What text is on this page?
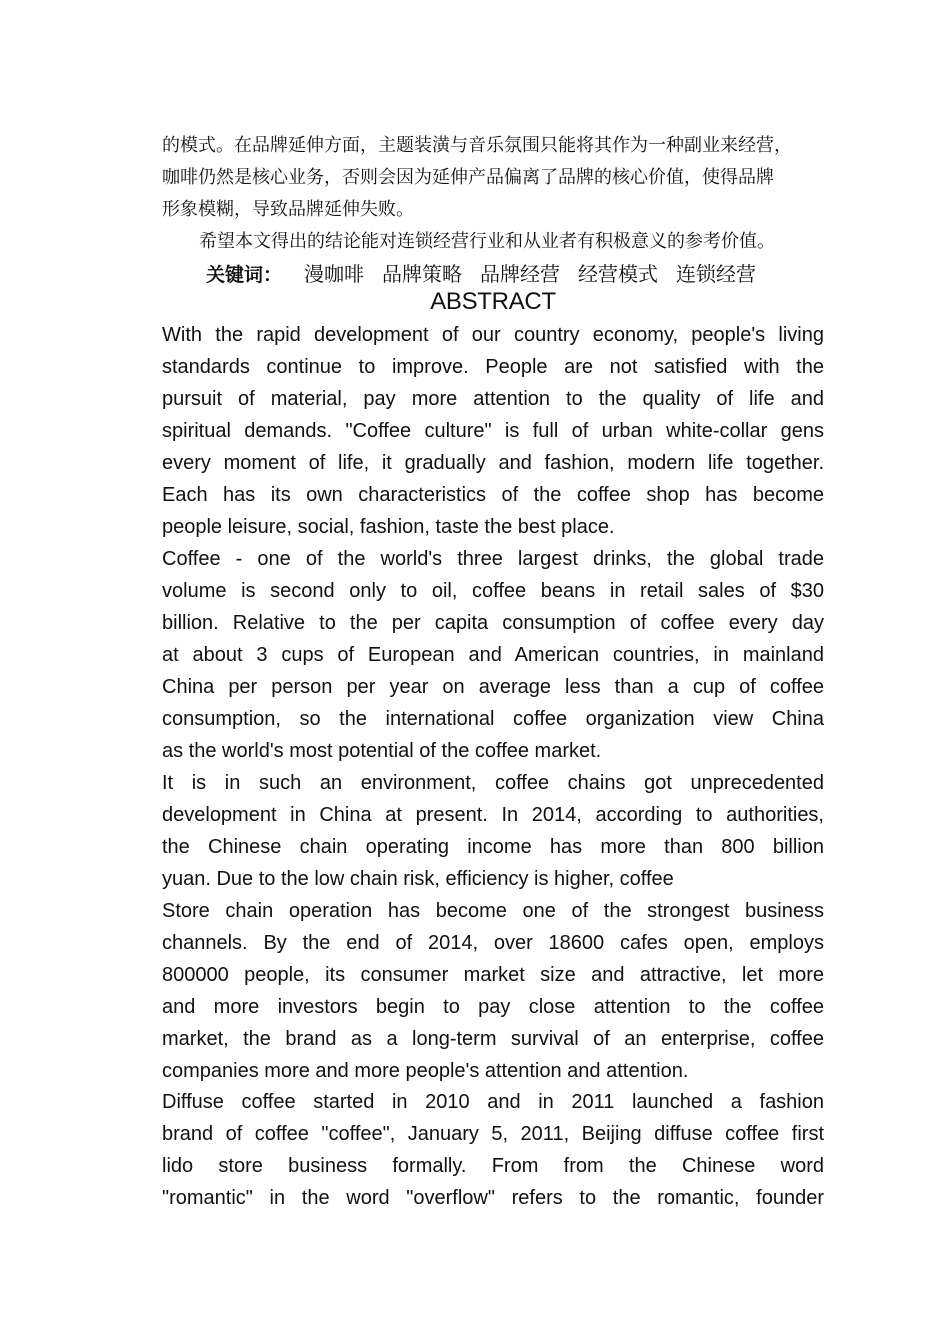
的模式。在品牌延伸方面，主题装潢与音乐氛围只能将其作为一种副业来经营，
咖啡仍然是核心业务，否则会因为延伸产品偏离了品牌的核心价值，使得品牌
形象模糊，导致品牌延伸失败。
希望本文得出的结论能对连锁经营行业和从业者有积极意义的参考价值。
关键词： 漫咖啡 品牌策略 品牌经营 经营模式 连锁经营
ABSTRACT
With the rapid development of our country economy, people's living
standards continue to improve. People are not satisfied with the
pursuit of material, pay more attention to the quality of life and
spiritual demands. "Coffee culture" is full of urban white-collar gens
every moment of life, it gradually and fashion, modern life together.
Each has its own characteristics of the coffee shop has become
people leisure, social, fashion, taste the best place.
Coffee - one of the world's three largest drinks, the global trade
volume is second only to oil, coffee beans in retail sales of $30
billion. Relative to the per capita consumption of coffee every day
at about 3 cups of European and American countries, in mainland
China per person per year on average less than a cup of coffee
consumption, so the international coffee organization view China
as the world's most potential of the coffee market.
It is in such an environment, coffee chains got unprecedented
development in China at present. In 2014, according to authorities,
the Chinese chain operating income has more than 800 billion
yuan. Due to the low chain risk, efficiency is higher, coffee
Store chain operation has become one of the strongest business
channels. By the end of 2014, over 18600 cafes open, employs
800000 people, its consumer market size and attractive, let more
and more investors begin to pay close attention to the coffee
market, the brand as a long-term survival of an enterprise, coffee
companies more and more people's attention and attention.
Diffuse coffee started in 2010 and in 2011 launched a fashion
brand of coffee "coffee", January 5, 2011, Beijing diffuse coffee first
lido store business formally. From from the Chinese word
"romantic" in the word "overflow" refers to the romantic, founder
